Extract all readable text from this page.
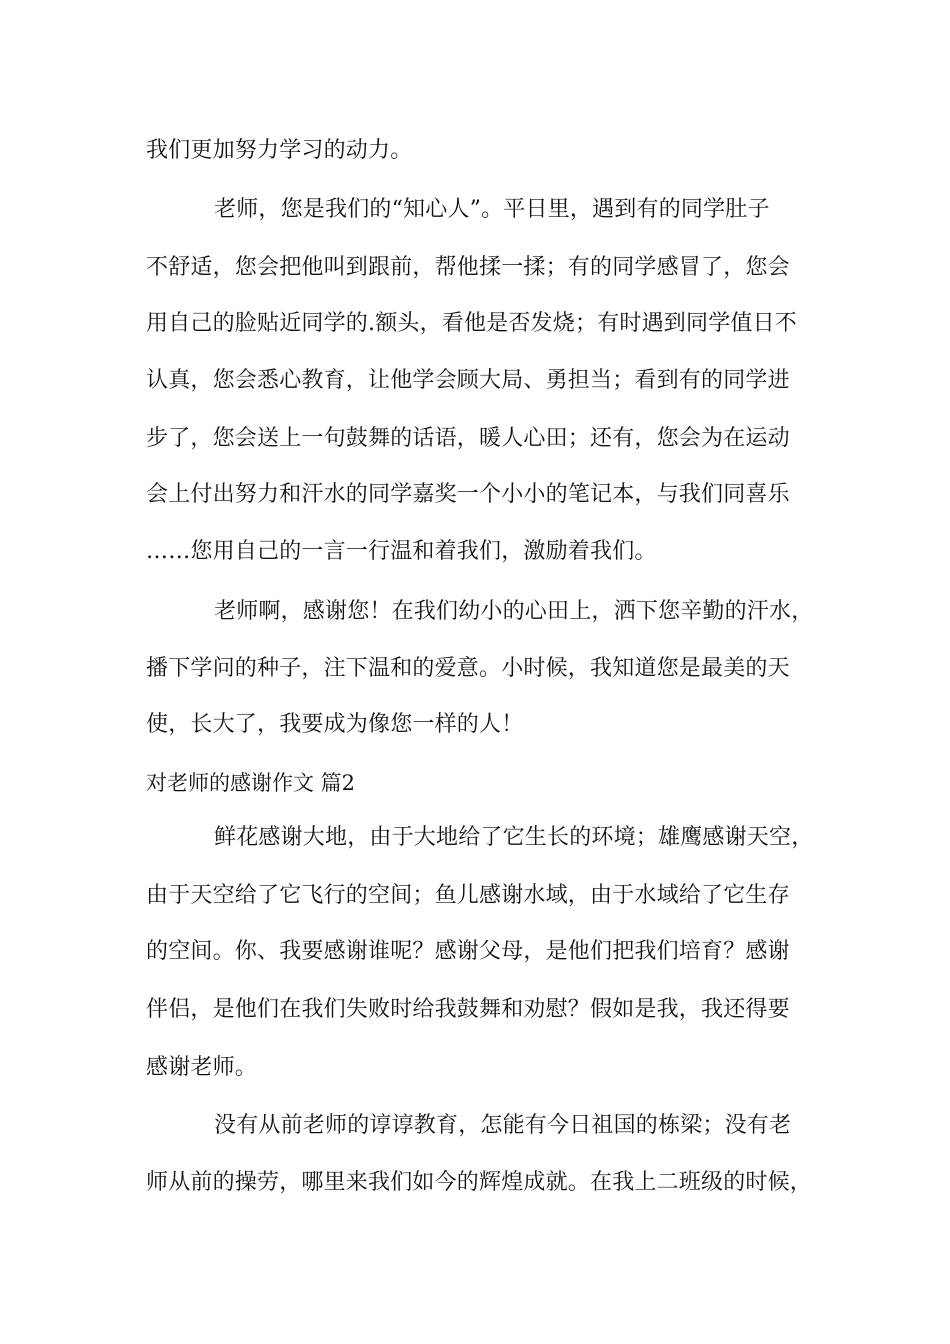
我们更加努力学习的动力。
老师，您是我们的“知心人”。平日里，遇到有的同学肚子
不舒适，您会把他叫到跟前，帮他揉一揉；有的同学感冒了，您会
用自己的脸贴近同学的.额头，看他是否发烧；有时遇到同学值日不
认真，您会悉心教育，让他学会顾大局、勇担当；看到有的同学进
步了，您会送上一句鼓舞的话语，暖人心田；还有，您会为在运动
会上付出努力和汗水的同学嘉奖一个小小的笔记本，与我们同喜乐
……您用自己的一言一行温和着我们，激励着我们。
老师啊，感谢您！在我们幼小的心田上，洒下您辛勤的汗水，
播下学问的种子，注下温和的爱意。小时候，我知道您是最美的天
使，长大了，我要成为像您一样的人！
对老师的感谢作文 篇2
鲜花感谢大地，由于大地给了它生长的环境；雄鹰感谢天空，
由于天空给了它飞行的空间；鱼儿感谢水域，由于水域给了它生存
的空间。你、我要感谢谁呢？感谢父母，是他们把我们培育？感谢
伴侣，是他们在我们失败时给我鼓舞和劝慰？假如是我，我还得要
感谢老师。
没有从前老师的谆谆教育，怎能有今日祖国的栋梁；没有老
师从前的操劳，哪里来我们如今的辉煌成就。在我上二班级的时候，
